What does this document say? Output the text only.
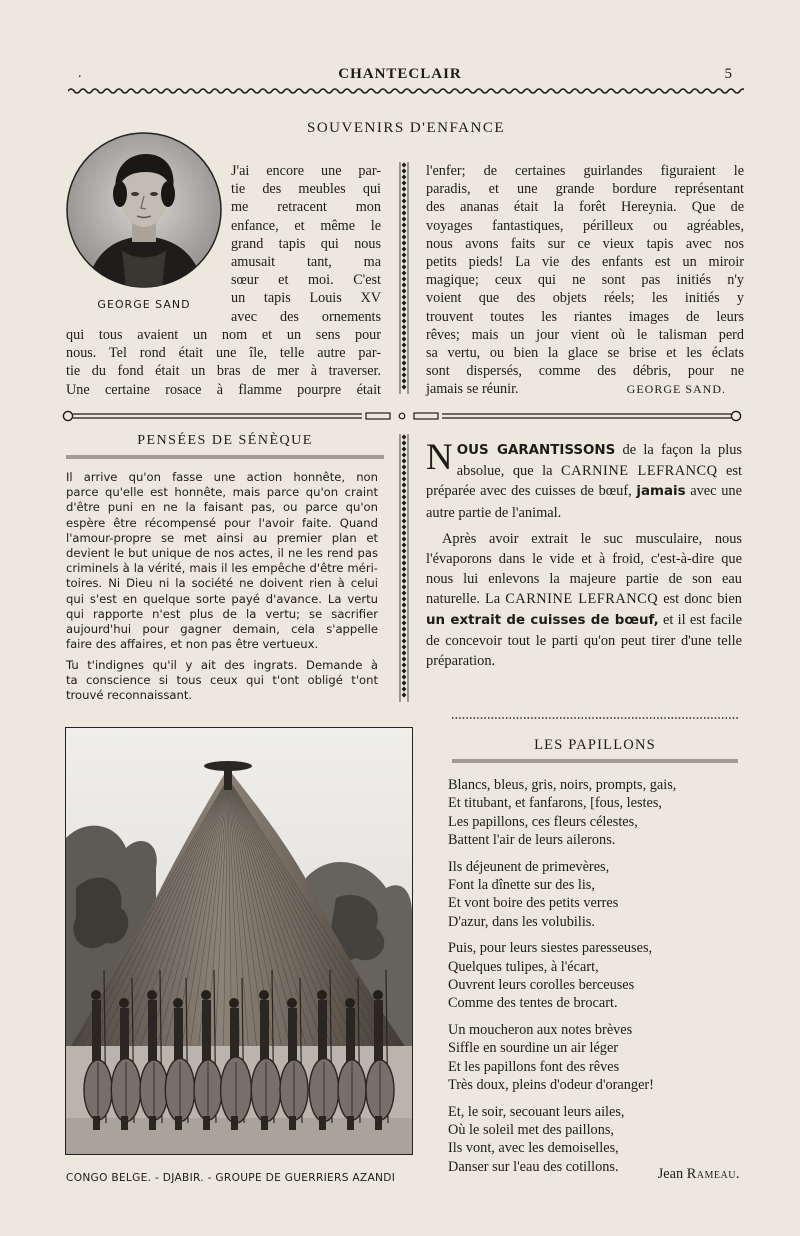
.	CHANTECLAIR	5
SOUVENIRS D'ENFANCE
GEORGE SAND
J'ai encore une par-
tie des meubles qui
me retracent mon
enfance, et même le
grand tapis qui nous
amusait tant, ma
sœur et moi. C'est
un tapis Louis XV
avec des ornements
qui tous avaient un nom et un sens pour
nous. Tel rond était une île, telle autre par-
tie du fond était un bras de mer à traverser.
Une certaine rosace à flamme pourpre était
l'enfer; de certaines guirlandes figuraient le
paradis, et une grande bordure représentant
des ananas était la forêt Hereynia. Que de
voyages fantastiques, périlleux ou agréables,
nous avons faits sur ce vieux tapis avec nos
petits pieds! La vie des enfants est un miroir
magique; ceux qui ne sont pas initiés n'y
voient que des objets réels; les initiés y
trouvent toutes les riantes images de leurs
rêves; mais un jour vient où le talisman perd
sa vertu, ou bien la glace se brise et les éclats
sont dispersés, comme des débris, pour ne
jamais se réunir.	GEORGE SAND.
PENSÉES DE SÉNÈQUE
Il arrive qu'on fasse une action honnête, non
parce qu'elle est honnête, mais parce qu'on craint
d'être puni en ne la faisant pas, ou parce qu'on
espère être récompensé pour l'avoir faite. Quand
l'amour-propre se met ainsi au premier plan et
devient le but unique de nos actes, il ne les rend pas
criminels à la vérité, mais il les empêche d'être méri-
toires. Ni Dieu ni la société ne doivent rien à celui
qui s'est en quelque sorte payé d'avance. La vertu
qui rapporte n'est plus de la vertu; se sacrifier
aujourd'hui pour gagner demain, cela s'appelle
faire des affaires, et non pas être vertueux.
Tu t'indignes qu'il y ait des ingrats. Demande à
ta conscience si tous ceux qui t'ont obligé t'ont
trouvé reconnaissant.

NOUS GARANTISSONS de la façon la plus absolue, que la CARNINE LEFRANCQ est préparée avec des cuisses de bœuf, jamais avec une autre partie de l'animal.

Après avoir extrait le suc musculaire, nous l'évaporons dans le vide et à froid, c'est-à-dire que nous lui enlevons la majeure partie de son eau naturelle. La CARNINE LEFRANCQ est donc bien un extrait de cuisses de bœuf, et il est facile de concevoir tout le parti qu'on peut tirer d'une telle préparation.

CONGO BELGE. - DJABIR. - GROUPE DE GUERRIERS AZANDI
LES PAPILLONS
Blancs, bleus, gris, noirs, prompts, gais,
Et titubant, et fanfarons, [fous, lestes,
Les papillons, ces fleurs célestes,
Battent l'air de leurs ailerons.
Ils déjeunent de primevères,
Font la dînette sur des lis,
Et vont boire des petits verres
D'azur, dans les volubilis.
Puis, pour leurs siestes paresseuses,
Quelques tulipes, à l'écart,
Ouvrent leurs corolles berceuses
Comme des tentes de brocart.
Un moucheron aux notes brèves
Siffle en sourdine un air léger
Et les papillons font des rêves
Très doux, pleins d'odeur d'oranger!
Et, le soir, secouant leurs ailes,
Où le soleil met des paillons,
Ils vont, avec les demoiselles,
Danser sur l'eau des cotillons.	Jean Rameau.
